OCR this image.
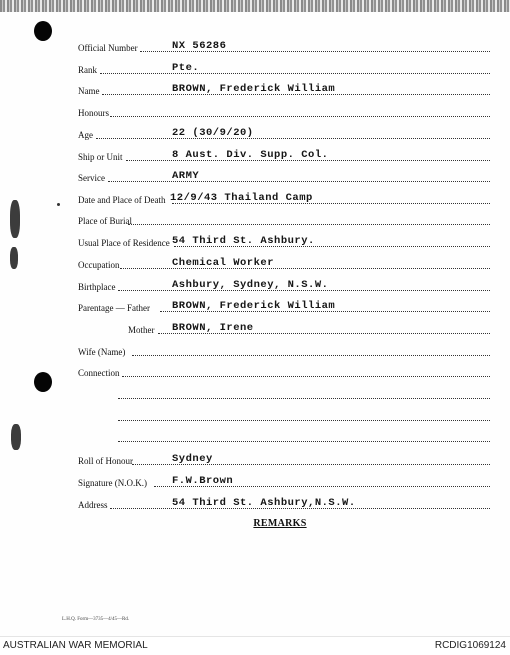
Official Number	NX 56286
Rank	Pte.
Name	BROWN, Frederick William
Honours
Age	22 (30/9/20)
Ship or Unit	8 Aust. Div. Supp. Col.
Service	ARMY
Date and Place of Death 12/9/43 Thailand Camp
Place of Burial
Usual Place of Residence 54 Third St. Ashbury.
Occupation	Chemical Worker
Birthplace	Ashbury, Sydney, N.S.W.
Parentage — Father BROWN, Frederick William
Mother BROWN, Irene
Wife (Name)
Connection
Roll of Honour	Sydney
Signature (N.O.K.) F.W.Brown
Address	54 Third St. Ashbury,N.S.W.
REMARKS
L.H.Q. Form—3735—4/45—Rd.
AUSTRALIAN WAR MEMORIAL	RCDIG1069124
